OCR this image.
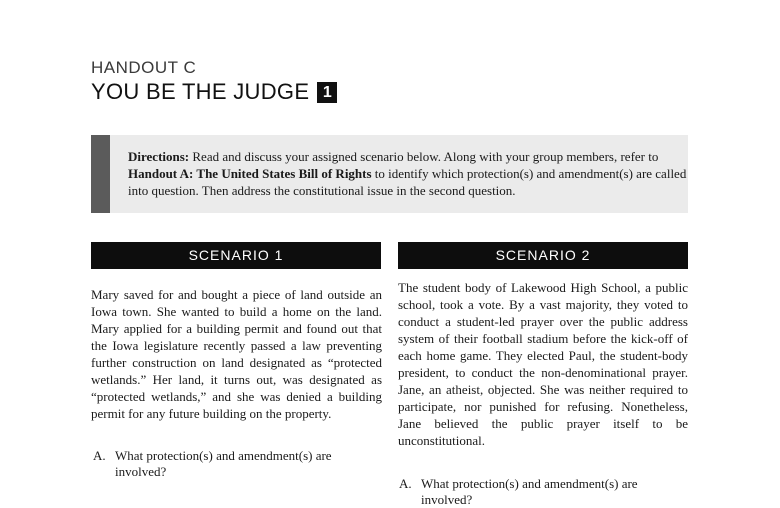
HANDOUT C
YOU BE THE JUDGE 1
Directions: Read and discuss your assigned scenario below. Along with your group members, refer to Handout A: The United States Bill of Rights to identify which protection(s) and amendment(s) are called into question. Then address the constitutional issue in the second question.
SCENARIO 1	SCENARIO 2
Mary saved for and bought a piece of land outside an Iowa town. She wanted to build a home on the land. Mary applied for a building permit and found out that the Iowa legislature recently passed a law preventing further construction on land designated as “protected wetlands.” Her land, it turns out, was designated as “protected wetlands,” and she was denied a building permit for any future building on the property.
The student body of Lakewood High School, a public school, took a vote. By a vast majority, they voted to conduct a student-led prayer over the public address system of their football stadium before the kick-off of each home game. They elected Paul, the student-body president, to conduct the non-denominational prayer. Jane, an atheist, objected. She was neither required to participate, nor punished for refusing. Nonetheless, Jane believed the public prayer itself to be unconstitutional.
A. What protection(s) and amendment(s) are involved?
A. What protection(s) and amendment(s) are involved?
